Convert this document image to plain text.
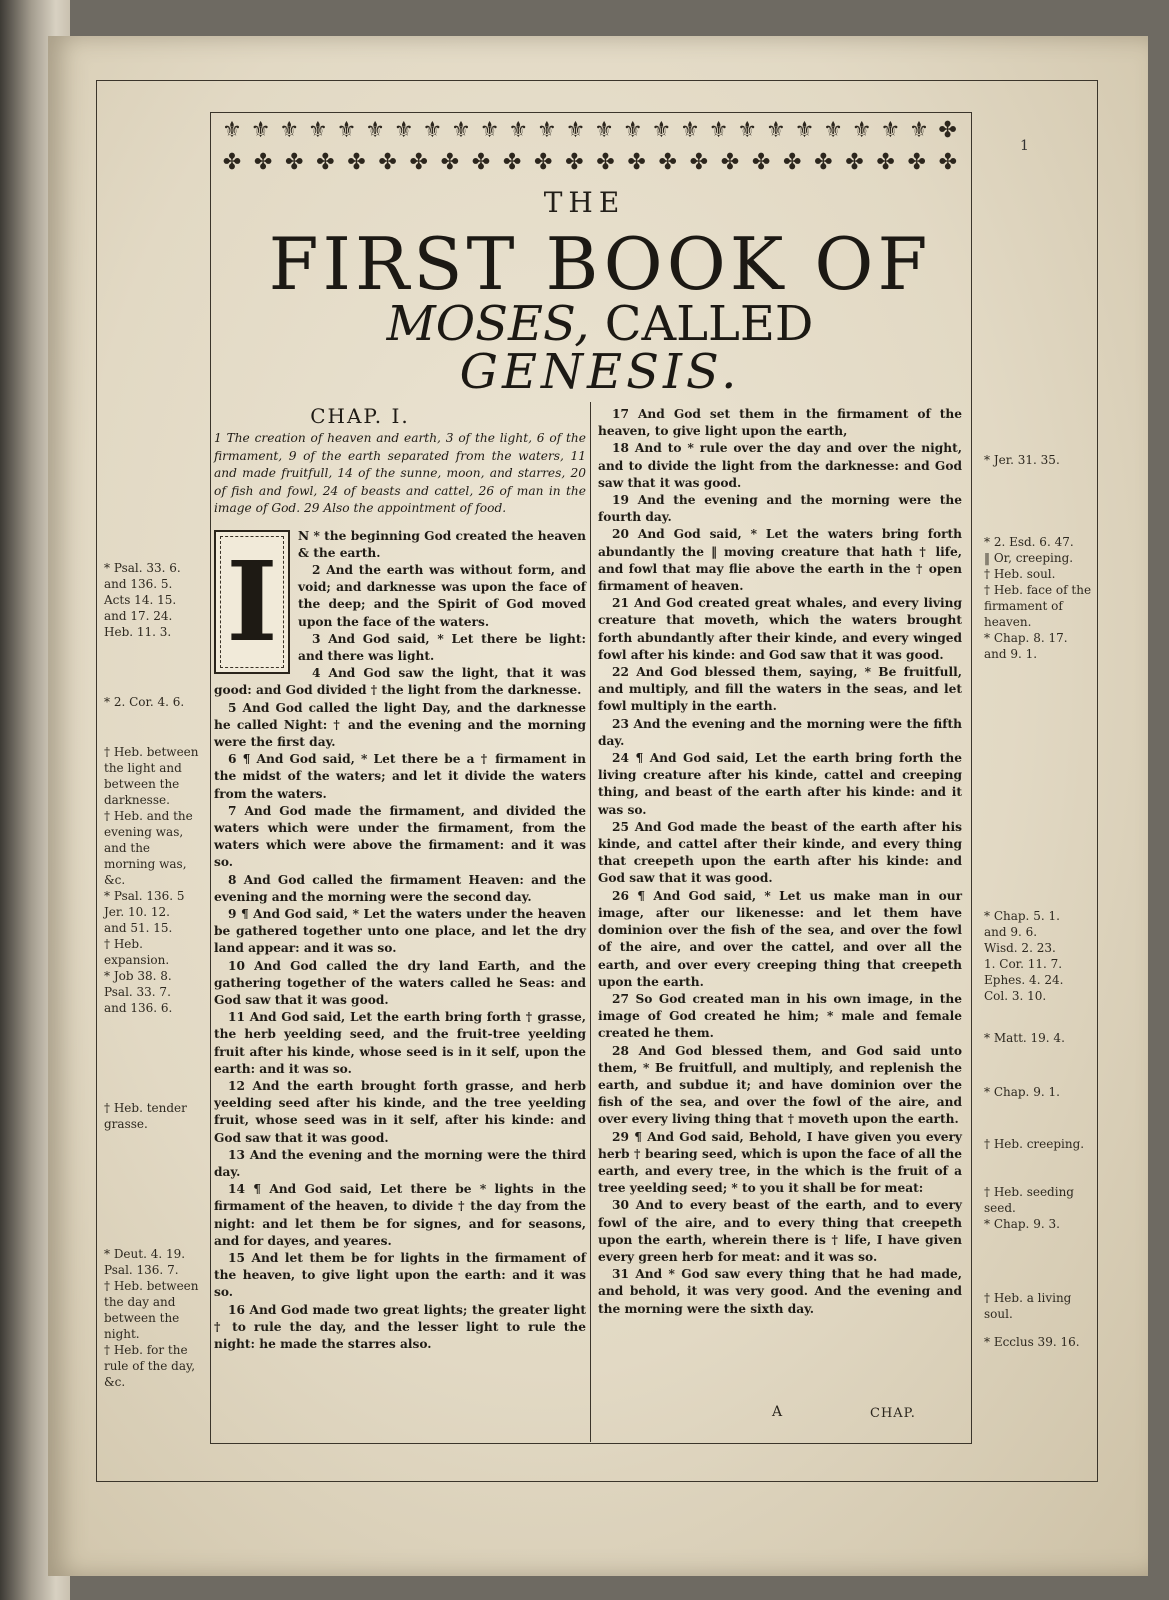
1
⚜ ⚜ ⚜ ⚜ ⚜ ⚜ ⚜ ⚜ ⚜ ⚜ ⚜ ⚜ ⚜ ⚜ ⚜ ⚜ ⚜ ⚜ ⚜ ⚜ ⚜ ⚜ ⚜ ⚜ ⚜ ✤
✤ ✤ ✤ ✤ ✤ ✤ ✤ ✤ ✤ ✤ ✤ ✤ ✤ ✤ ✤ ✤ ✤ ✤ ✤ ✤ ✤ ✤ ✤ ✤
THE
FIRST BOOK OF
MOSES, CALLED
GENESIS.
CHAP. I.

1 The creation of heaven and earth, 3 of the light, 6 of the firmament, 9 of the earth separated from the waters, 11 and made fruitfull, 14 of the sunne, moon, and starres, 20 of fish and fowl, 24 of beasts and cattel, 26 of man in the image of God. 29 Also the appointment of food.

I

N * the beginning God created the heaven & the earth.

2 And the earth was without form, and void; and darknesse was upon the face of the deep; and the Spirit of God moved upon the face of the waters.

3 And God said, * Let there be light: and there was light.

4 And God saw the light, that it was good: and God divided † the light from the darknesse.

5 And God called the light Day, and the darknesse he called Night: † and the evening and the morning were the first day.

6 ¶ And God said, * Let there be a † firmament in the midst of the waters; and let it divide the waters from the waters.

7 And God made the firmament, and divided the waters which were under the firmament, from the waters which were above the firmament: and it was so.

8 And God called the firmament Heaven: and the evening and the morning were the second day.

9 ¶ And God said, * Let the waters under the heaven be gathered together unto one place, and let the dry land appear: and it was so.

10 And God called the dry land Earth, and the gathering together of the waters called he Seas: and God saw that it was good.

11 And God said, Let the earth bring forth † grasse, the herb yeelding seed, and the fruit-tree yeelding fruit after his kinde, whose seed is in it self, upon the earth: and it was so.

12 And the earth brought forth grasse, and herb yeelding seed after his kinde, and the tree yeelding fruit, whose seed was in it self, after his kinde: and God saw that it was good.

13 And the evening and the morning were the third day.

14 ¶ And God said, Let there be * lights in the firmament of the heaven, to divide † the day from the night: and let them be for signes, and for seasons, and for dayes, and yeares.

15 And let them be for lights in the firmament of the heaven, to give light upon the earth: and it was so.

16 And God made two great lights; the greater light † to rule the day, and the lesser light to rule the night: he made the starres also.

17 And God set them in the firmament of the heaven, to give light upon the earth,

18 And to * rule over the day and over the night, and to divide the light from the darknesse: and God saw that it was good.

19 And the evening and the morning were the fourth day.

20 And God said, * Let the waters bring forth abundantly the ‖ moving creature that hath † life, and fowl that may flie above the earth in the † open firmament of heaven.

21 And God created great whales, and every living creature that moveth, which the waters brought forth abundantly after their kinde, and every winged fowl after his kinde: and God saw that it was good.

22 And God blessed them, saying, * Be fruitfull, and multiply, and fill the waters in the seas, and let fowl multiply in the earth.

23 And the evening and the morning were the fifth day.

24 ¶ And God said, Let the earth bring forth the living creature after his kinde, cattel and creeping thing, and beast of the earth after his kinde: and it was so.

25 And God made the beast of the earth after his kinde, and cattel after their kinde, and every thing that creepeth upon the earth after his kinde: and God saw that it was good.

26 ¶ And God said, * Let us make man in our image, after our likenesse: and let them have dominion over the fish of the sea, and over the fowl of the aire, and over the cattel, and over all the earth, and over every creeping thing that creepeth upon the earth.

27 So God created man in his own image, in the image of God created he him; * male and female created he them.

28 And God blessed them, and God said unto them, * Be fruitfull, and multiply, and replenish the earth, and subdue it; and have dominion over the fish of the sea, and over the fowl of the aire, and over every living thing that † moveth upon the earth.

29 ¶ And God said, Behold, I have given you every herb † bearing seed, which is upon the face of all the earth, and every tree, in the which is the fruit of a tree yeelding seed; * to you it shall be for meat:

30 And to every beast of the earth, and to every fowl of the aire, and to every thing that creepeth upon the earth, wherein there is † life, I have given every green herb for meat: and it was so.

31 And * God saw every thing that he had made, and behold, it was very good. And the evening and the morning were the sixth day.

A	CHAP.
* Psal. 33. 6.
and 136. 5.
Acts 14. 15.
and 17. 24.
Heb. 11. 3.
* 2. Cor. 4. 6.
† Heb. between the light and between the darknesse.
† Heb. and the evening was, and the morning was, &c.
* Psal. 136. 5
Jer. 10. 12.
and 51. 15.
† Heb. expansion.
* Job 38. 8.
Psal. 33. 7.
and 136. 6.
† Heb. tender grasse.
* Deut. 4. 19.
Psal. 136. 7.
† Heb. between the day and between the night.
† Heb. for the rule of the day, &c.
* Jer. 31. 35.
* 2. Esd. 6. 47.
‖ Or, creeping.
† Heb. soul.
† Heb. face of the firmament of heaven.
* Chap. 8. 17. and 9. 1.
* Chap. 5. 1.
and 9. 6.
Wisd. 2. 23.
1. Cor. 11. 7.
Ephes. 4. 24.
Col. 3. 10.
* Matt. 19. 4.
* Chap. 9. 1.
† Heb. creeping.
† Heb. seeding seed.
* Chap. 9. 3.
† Heb. a living soul.
* Ecclus 39. 16.
